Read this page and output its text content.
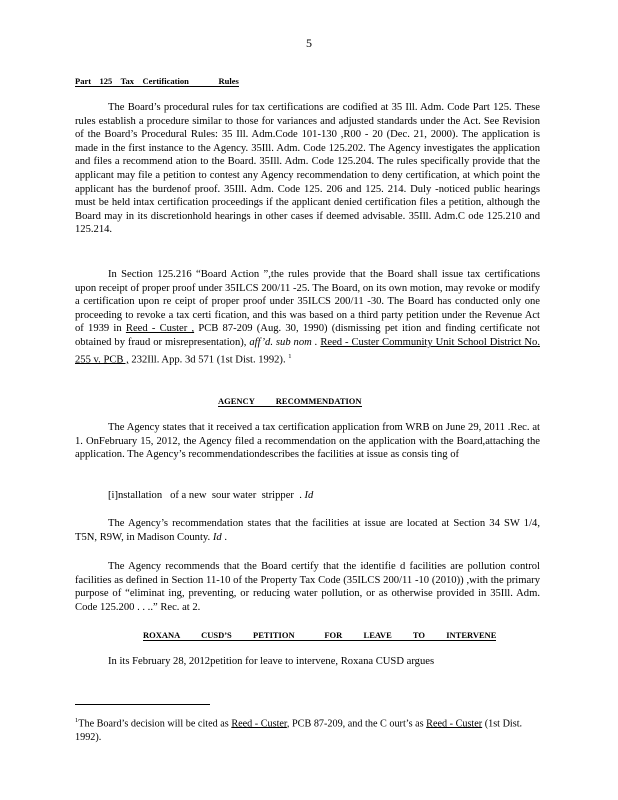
5
Part    125    Tax    Certification              Rules

The Board’s procedural rules for tax certifications are codified at 35 Ill. Adm. Code Part 125. These rules establish a procedure similar to those for variances and adjusted standards under the Act. See Revision of the Board’s Procedural Rules: 35 Ill. Adm.Code 101-130 ,R00 - 20 (Dec. 21, 2000). The application is made in the first instance to the Agency. 35Ill. Adm. Code 125.202. The Agency investigates the application and files a recommend ation to the Board. 35Ill. Adm. Code 125.204. The rules specifically provide that the applicant may file a petition to contest any Agency recommendation to deny certification, at which point the applicant has the burdenof proof. 35Ill. Adm. Code 125. 206 and 125. 214. Duly -noticed public hearings must be held intax certification proceedings if the applicant denied certification files a petition, although the Board may in its discretionhold hearings in other cases if deemed advisable. 35Ill. Adm.C ode 125.210 and 125.214.

In Section 125.216 “Board Action ”,the rules provide that the Board shall issue tax certifications upon receipt of proper proof under 35ILCS 200/11 -25. The Board, on its own motion, may revoke or modify a certification upon re ceipt of proper proof under 35ILCS 200/11 -30. The Board has conducted only one proceeding to revoke a tax certi fication, and this was based on a third party petition under the Revenue Act of 1939 in Reed - Custer , PCB 87-209 (Aug. 30, 1990) (dismissing pet ition and finding certificate not obtained by fraud or misrepresentation), aff’d. sub nom . Reed - Custer Community Unit School District No. 255 v. PCB , 232Ill. App. 3d 571 (1st Dist. 1992). $^1$

AGENCY          RECOMMENDATION

The Agency states that it received a tax certification application from WRB on June 29, 2011 .Rec. at 1. OnFebruary 15, 2012, the Agency filed a recommendation on the application with the Board,attaching the application. The Agency’s recommendationdescribes the facilities at issue as consis ting of

[i]nstallation   of a new  sour water  stripper  . Id

The Agency’s recommendation states that the facilities at issue are located at Section 34 SW 1/4, T5N, R9W, in Madison County. Id .

The Agency recommends that the Board certify that the identifie d facilities are pollution control facilities as defined in Section 11-10 of the Property Tax Code (35ILCS 200/11 -10 (2010)) ,with the primary purpose of “eliminat ing, preventing, or reducing water pollution, or as otherwise provided in 35Ill. Adm. Code 125.200 . . ..” Rec. at 2.

ROXANA          CUSD’S          PETITION              FOR          LEAVE          TO          INTERVENE

In its February 28, 2012petition for leave to intervene, Roxana CUSD argues

$^1$The Board’s decision will be cited as Reed - Custer, PCB 87-209, and the C ourt’s as Reed - Custer (1st Dist. 1992).
